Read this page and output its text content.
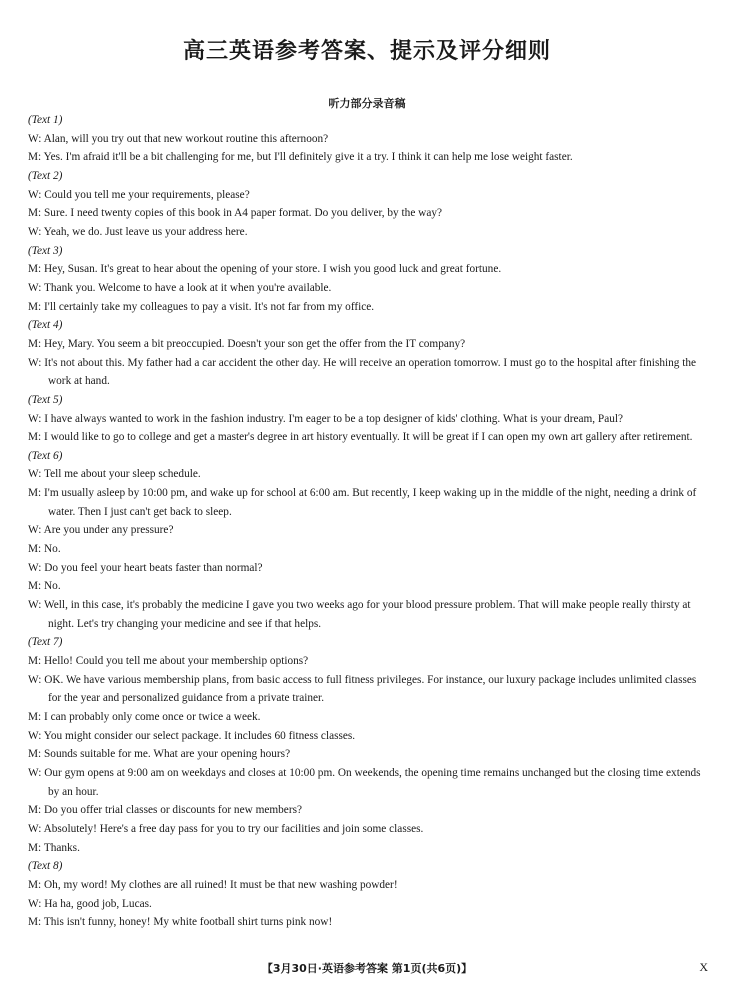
高三英语参考答案、提示及评分细则
听力部分录音稿
(Text 1)
W: Alan, will you try out that new workout routine this afternoon?
M: Yes. I'm afraid it'll be a bit challenging for me, but I'll definitely give it a try. I think it can help me lose weight faster.
(Text 2)
W: Could you tell me your requirements, please?
M: Sure. I need twenty copies of this book in A4 paper format. Do you deliver, by the way?
W: Yeah, we do. Just leave us your address here.
(Text 3)
M: Hey, Susan. It's great to hear about the opening of your store. I wish you good luck and great fortune.
W: Thank you. Welcome to have a look at it when you're available.
M: I'll certainly take my colleagues to pay a visit. It's not far from my office.
(Text 4)
M: Hey, Mary. You seem a bit preoccupied. Doesn't your son get the offer from the IT company?
W: It's not about this. My father had a car accident the other day. He will receive an operation tomorrow. I must go to the hospital after finishing the work at hand.
(Text 5)
W: I have always wanted to work in the fashion industry. I'm eager to be a top designer of kids' clothing. What is your dream, Paul?
M: I would like to go to college and get a master's degree in art history eventually. It will be great if I can open my own art gallery after retirement.
(Text 6)
W: Tell me about your sleep schedule.
M: I'm usually asleep by 10:00 pm, and wake up for school at 6:00 am. But recently, I keep waking up in the middle of the night, needing a drink of water. Then I just can't get back to sleep.
W: Are you under any pressure?
M: No.
W: Do you feel your heart beats faster than normal?
M: No.
W: Well, in this case, it's probably the medicine I gave you two weeks ago for your blood pressure problem. That will make people really thirsty at night. Let's try changing your medicine and see if that helps.
(Text 7)
M: Hello! Could you tell me about your membership options?
W: OK. We have various membership plans, from basic access to full fitness privileges. For instance, our luxury package includes unlimited classes for the year and personalized guidance from a private trainer.
M: I can probably only come once or twice a week.
W: You might consider our select package. It includes 60 fitness classes.
M: Sounds suitable for me. What are your opening hours?
W: Our gym opens at 9:00 am on weekdays and closes at 10:00 pm. On weekends, the opening time remains unchanged but the closing time extends by an hour.
M: Do you offer trial classes or discounts for new members?
W: Absolutely! Here's a free day pass for you to try our facilities and join some classes.
M: Thanks.
(Text 8)
M: Oh, my word! My clothes are all ruined! It must be that new washing powder!
W: Ha ha, good job, Lucas.
M: This isn't funny, honey! My white football shirt turns pink now!
【3月30日·英语参考答案 第1页(共6页)】	X
